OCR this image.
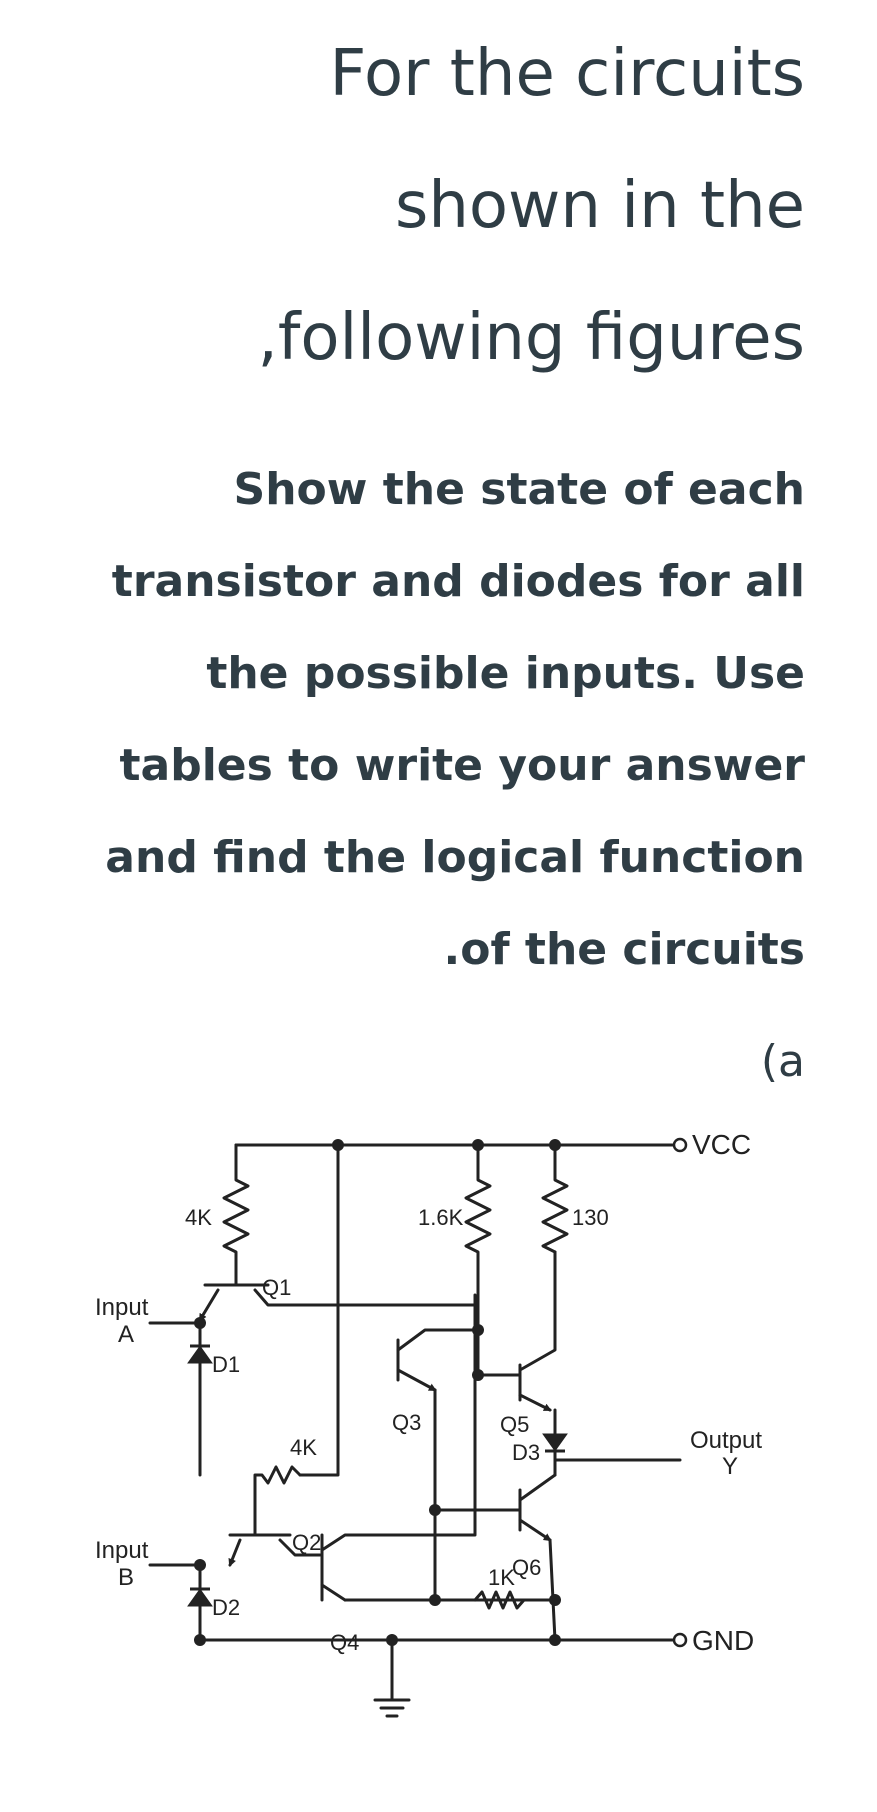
For the circuits
shown in the
,following figures

Show the state of each

transistor and diodes for all

the possible inputs. Use

tables to write your answer

and find the logical function

.of the circuits

(a

VCC
GND
Input
A
Input
B
Output
Y
4K
4K
1.6K	130
1K
Q1
Q2
Q3
Q4
Q5
Q6
D1
D2
D3
